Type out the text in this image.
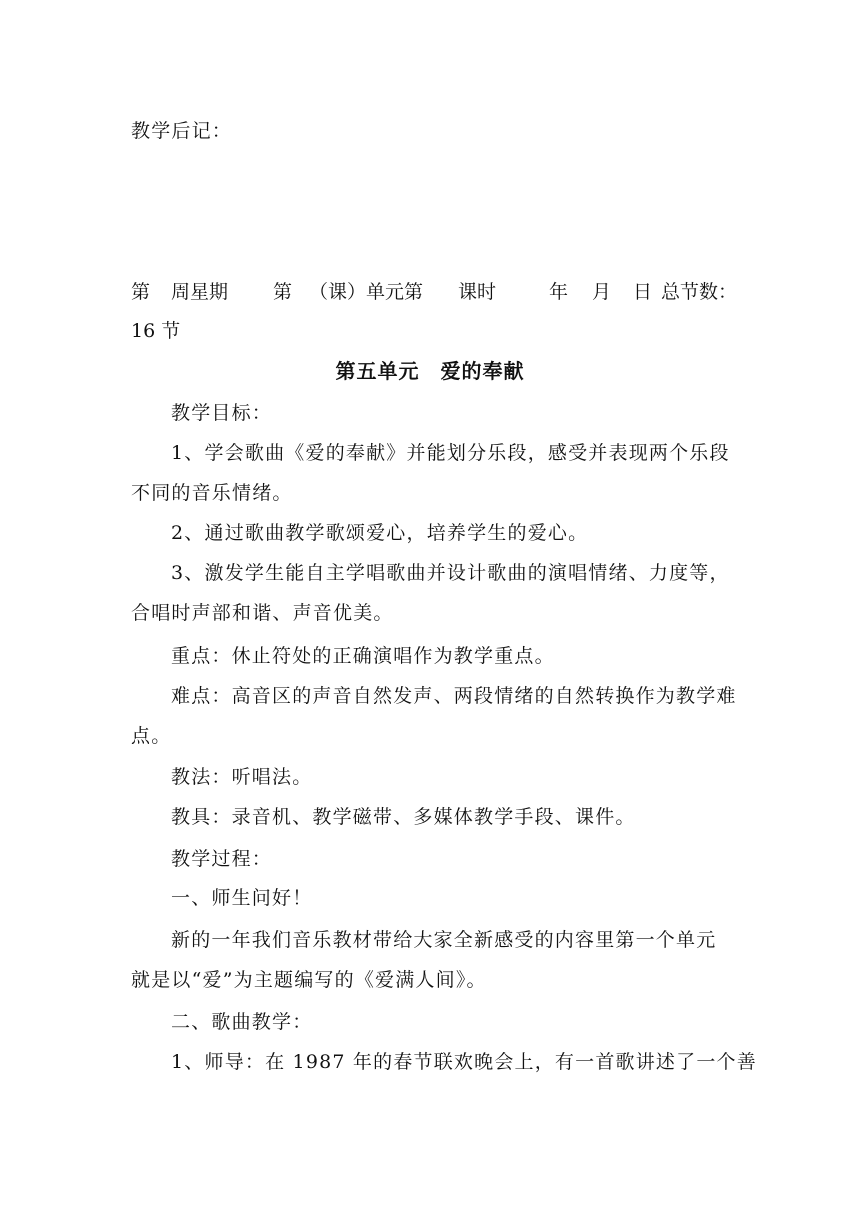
教学后记：
第 周星期 第 （课）单元第 课时	年 月 日 总节数：
16 节
第五单元　爱的奉献
教学目标：
1、学会歌曲《爱的奉献》并能划分乐段，感受并表现两个乐段
不同的音乐情绪。
2、通过歌曲教学歌颂爱心，培养学生的爱心。
3、激发学生能自主学唱歌曲并设计歌曲的演唱情绪、力度等，
合唱时声部和谐、声音优美。
重点：休止符处的正确演唱作为教学重点。
难点：高音区的声音自然发声、两段情绪的自然转换作为教学难
点。
教法：听唱法。
教具：录音机、教学磁带、多媒体教学手段、课件。
教学过程：
一、师生问好！
新的一年我们音乐教材带给大家全新感受的内容里第一个单元
就是以“爱”为主题编写的《爱满人间》。
二、歌曲教学：
1、师导：在 1987 年的春节联欢晚会上，有一首歌讲述了一个善
